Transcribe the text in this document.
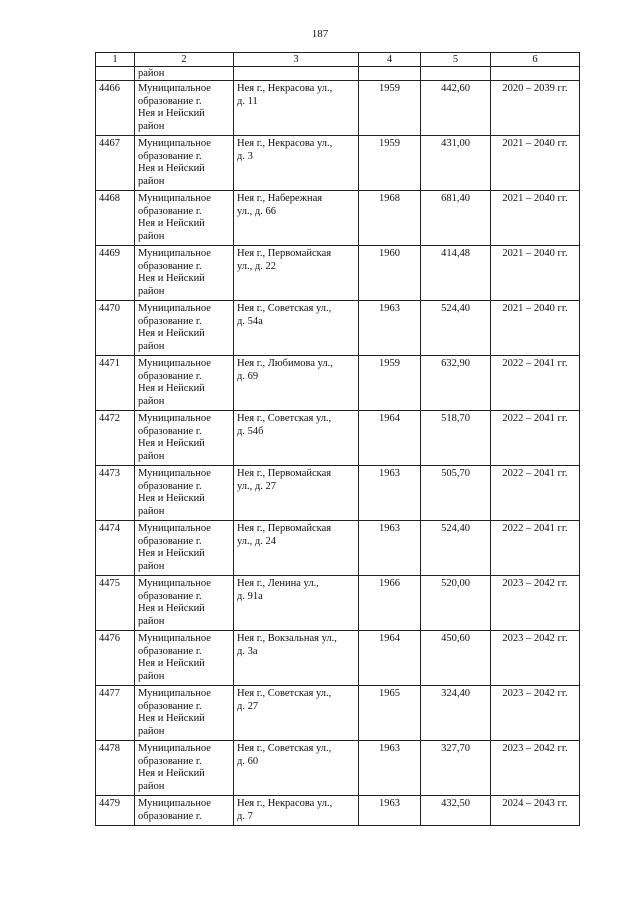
187
1	2	3	4	5	6
	район				
4466	Муниципальное
образование г.
Нея и Нейский
район	Нея г., Некрасова ул.,
д. 11	1959	442,60	2020 – 2039 гг.
4467	Муниципальное
образование г.
Нея и Нейский
район	Нея г., Некрасова ул.,
д. 3	1959	431,00	2021 – 2040 гг.
4468	Муниципальное
образование г.
Нея и Нейский
район	Нея г., Набережная
ул., д. 66	1968	681,40	2021 – 2040 гг.
4469	Муниципальное
образование г.
Нея и Нейский
район	Нея г., Первомайская
ул., д. 22	1960	414,48	2021 – 2040 гг.
4470	Муниципальное
образование г.
Нея и Нейский
район	Нея г., Советская ул.,
д. 54а	1963	524,40	2021 – 2040 гг.
4471	Муниципальное
образование г.
Нея и Нейский
район	Нея г., Любимова ул.,
д. 69	1959	632,90	2022 – 2041 гг.
4472	Муниципальное
образование г.
Нея и Нейский
район	Нея г., Советская ул.,
д. 54б	1964	518,70	2022 – 2041 гг.
4473	Муниципальное
образование г.
Нея и Нейский
район	Нея г., Первомайская
ул., д. 27	1963	505,70	2022 – 2041 гг.
4474	Муниципальное
образование г.
Нея и Нейский
район	Нея г., Первомайская
ул., д. 24	1963	524,40	2022 – 2041 гг.
4475	Муниципальное
образование г.
Нея и Нейский
район	Нея г., Ленина ул.,
д. 91а	1966	520,00	2023 – 2042 гг.
4476	Муниципальное
образование г.
Нея и Нейский
район	Нея г., Вокзальная ул.,
д. 3а	1964	450,60	2023 – 2042 гг.
4477	Муниципальное
образование г.
Нея и Нейский
район	Нея г., Советская ул.,
д. 27	1965	324,40	2023 – 2042 гг.
4478	Муниципальное
образование г.
Нея и Нейский
район	Нея г., Советская ул.,
д. 60	1963	327,70	2023 – 2042 гг.
4479	Муниципальное
образование г.	Нея г., Некрасова ул.,
д. 7	1963	432,50	2024 – 2043 гг.
